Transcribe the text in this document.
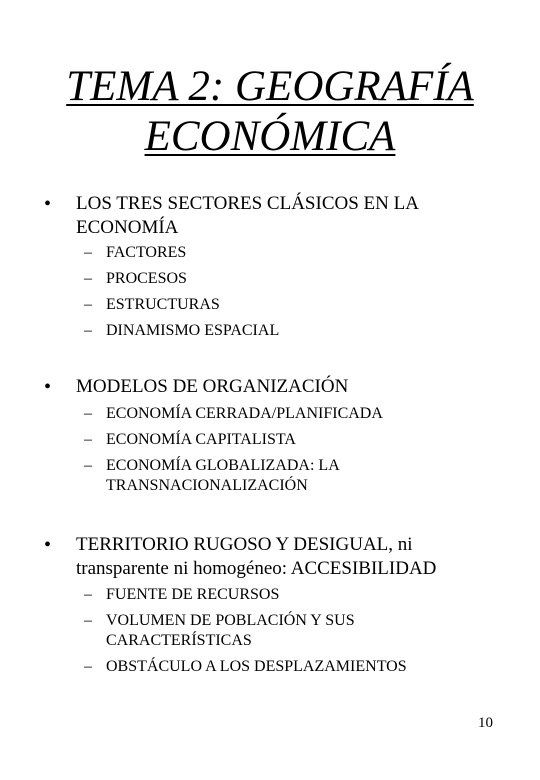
TEMA 2: GEOGRAFÍA
ECONÓMICA
• LOS TRES SECTORES CLÁSICOS EN LA ECONOMÍA
– FACTORES
– PROCESOS
– ESTRUCTURAS
– DINAMISMO ESPACIAL
• MODELOS DE ORGANIZACIÓN
– ECONOMÍA CERRADA/PLANIFICADA
– ECONOMÍA CAPITALISTA
– ECONOMÍA GLOBALIZADA: LA TRANSNACIONALIZACIÓN
• TERRITORIO RUGOSO Y DESIGUAL, ni transparente ni homogéneo: ACCESIBILIDAD
– FUENTE DE RECURSOS
– VOLUMEN DE POBLACIÓN Y SUS CARACTERÍSTICAS
– OBSTÁCULO A LOS DESPLAZAMIENTOS
10
